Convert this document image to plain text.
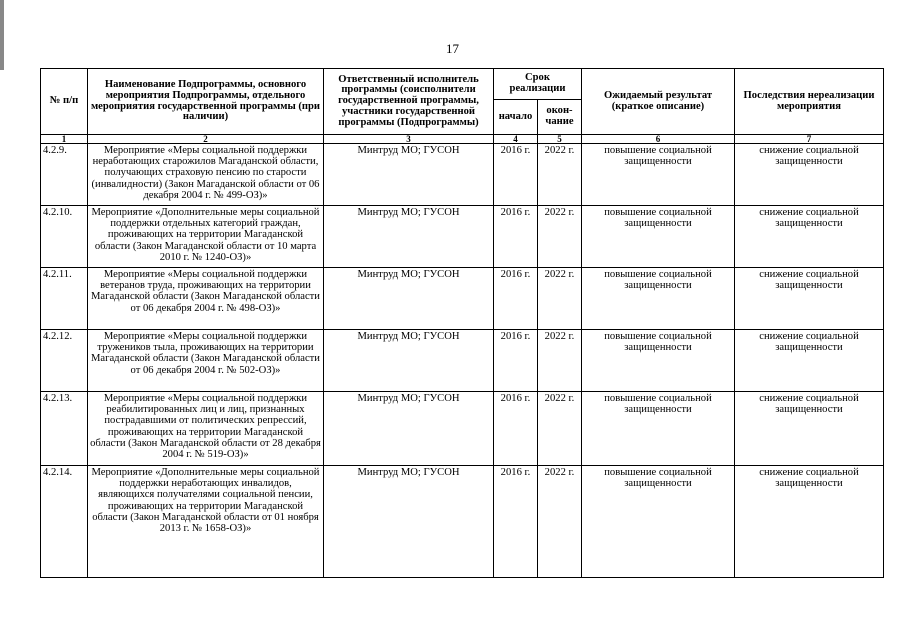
17
№ п/п	Наименование Подпрограммы, основного мероприятия Подпрограммы, отдельного мероприятия государственной программы (при наличии)	Ответственный исполнитель программы (соисполнители государственной программы, участники государственной программы (Подпрограммы)	Срок реализации		Ожидаемый результат (краткое описание)	Последствия нереализации мероприятия
			начало	окон-чание		
1	2	3	4	5	6	7
4.2.9.	Мероприятие «Меры социальной поддержки неработающих старожилов Магаданской области, получающих страховую пенсию по старости (инвалидности) (Закон Магаданской области от 06 декабря 2004 г. № 499-ОЗ)»	Минтруд МО; ГУСОН	2016 г.	2022 г.	повышение социальной защищенности	снижение социальной защищенности
4.2.10.	Мероприятие «Дополнительные меры социальной поддержки отдельных категорий граждан, проживающих на территории Магаданской области (Закон Магаданской области от 10 марта 2010 г. № 1240-ОЗ)»	Минтруд МО; ГУСОН	2016 г.	2022 г.	повышение социальной защищенности	снижение социальной защищенности
4.2.11.	Мероприятие «Меры социальной поддержки ветеранов труда, проживающих на территории Магаданской области (Закон Магаданской области от 06 декабря 2004 г. № 498-ОЗ)»	Минтруд МО; ГУСОН	2016 г.	2022 г.	повышение социальной защищенности	снижение социальной защищенности
4.2.12.	Мероприятие «Меры социальной поддержки тружеников тыла, проживающих на территории Магаданской области (Закон Магаданской области от 06 декабря 2004 г. № 502-ОЗ)»	Минтруд МО; ГУСОН	2016 г.	2022 г.	повышение социальной защищенности	снижение социальной защищенности
4.2.13.	Мероприятие «Меры социальной поддержки реабилитированных лиц и лиц, признанных пострадавшими от политических репрессий, проживающих на территории Магаданской области (Закон Магаданской области от 28 декабря 2004 г. № 519-ОЗ)»	Минтруд МО; ГУСОН	2016 г.	2022 г.	повышение социальной защищенности	снижение социальной защищенности
4.2.14.	Мероприятие «Дополнительные меры социальной поддержки неработающих инвалидов, являющихся получателями социальной пенсии, проживающих на территории Магаданской области (Закон Магаданской области от 01 ноября 2013 г. № 1658-ОЗ)»	Минтруд МО; ГУСОН	2016 г.	2022 г.	повышение социальной защищенности	снижение социальной защищенности
